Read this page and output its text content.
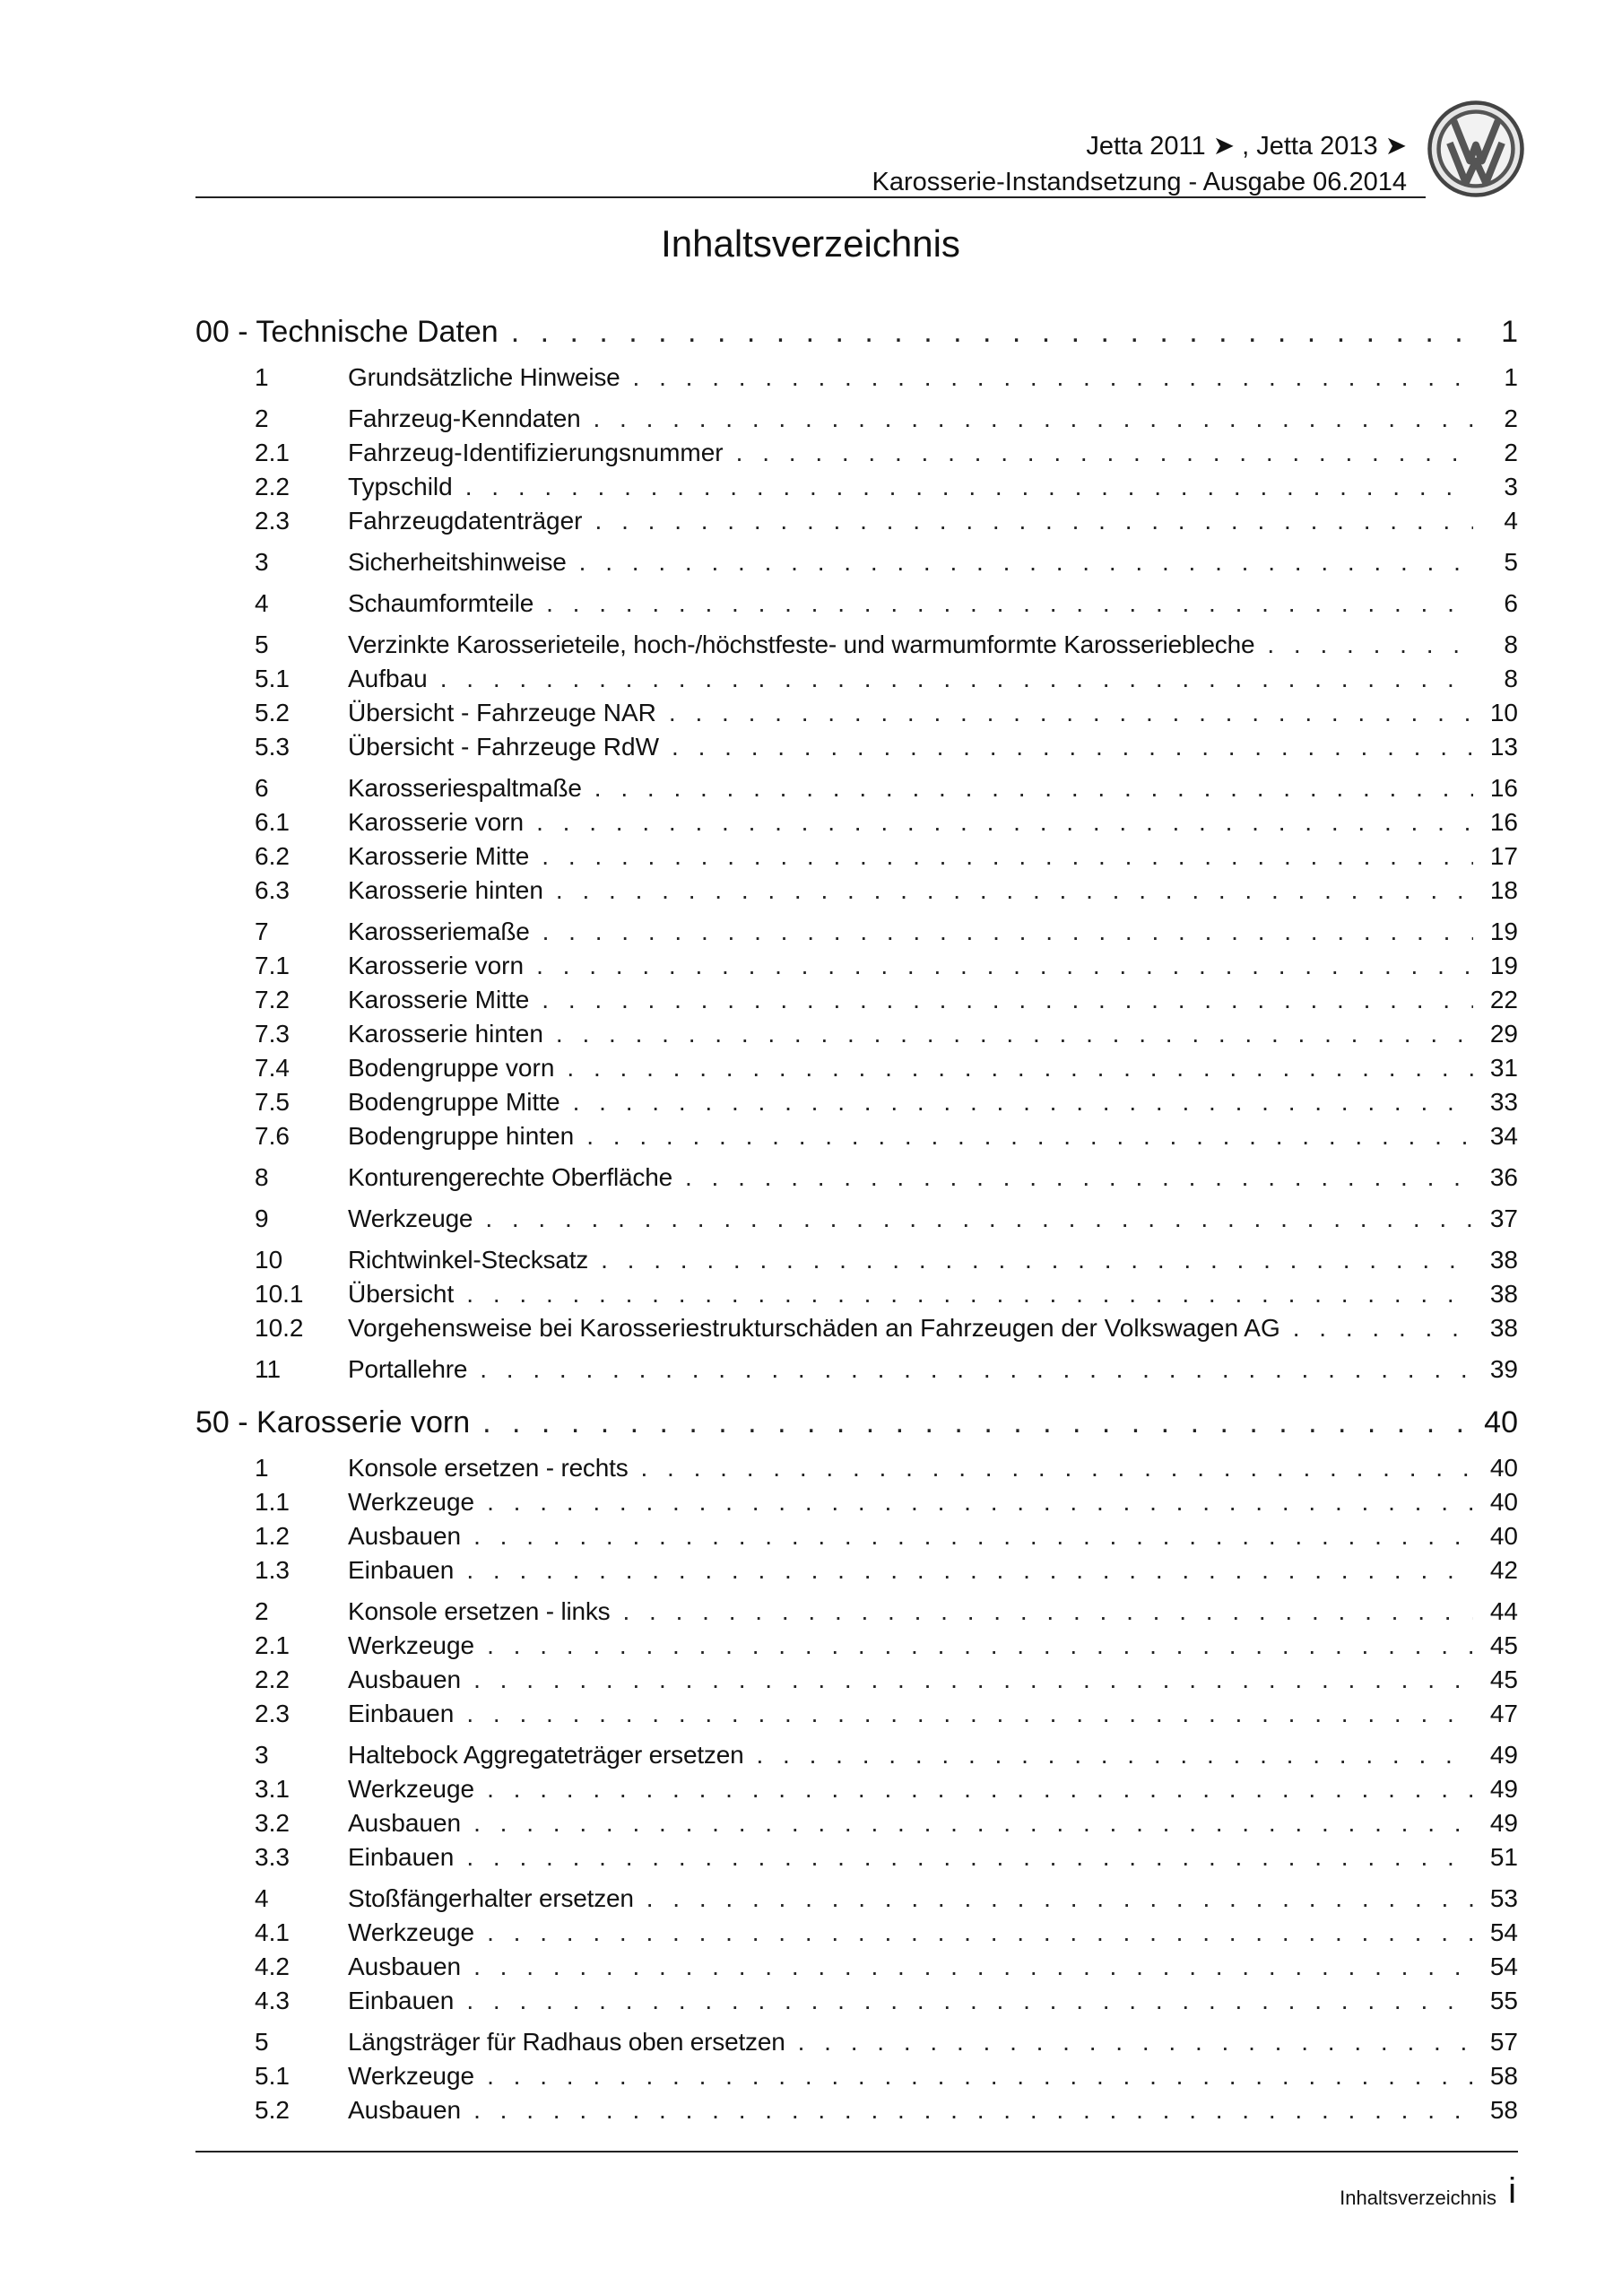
Jetta 2011 ➤ , Jetta 2013 ➤
Karosserie-Instandsetzung - Ausgabe 06.2014
Inhaltsverzeichnis
00 - Technische Daten . . .	1
1	Grundsätzliche Hinweise . . .	1
2	Fahrzeug-Kenndaten . . .	2
2.1	Fahrzeug-Identifizierungsnummer . . .	2
2.2	Typschild . . .	3
2.3	Fahrzeugdatenträger . . .	4
3	Sicherheitshinweise . . .	5
4	Schaumformteile . . .	6
5	Verzinkte Karosserieteile, hoch-/höchstfeste- und warmumformte Karosseriebleche . . .	8
5.1	Aufbau . . .	8
5.2	Übersicht - Fahrzeuge NAR . . .	10
5.3	Übersicht - Fahrzeuge RdW . . .	13
6	Karosseriespaltmaße . . .	16
6.1	Karosserie vorn . . .	16
6.2	Karosserie Mitte . . .	17
6.3	Karosserie hinten . . .	18
7	Karosseriemaße . . .	19
7.1	Karosserie vorn . . .	19
7.2	Karosserie Mitte . . .	22
7.3	Karosserie hinten . . .	29
7.4	Bodengruppe vorn . . .	31
7.5	Bodengruppe Mitte . . .	33
7.6	Bodengruppe hinten . . .	34
8	Konturengerechte Oberfläche . . .	36
9	Werkzeuge . . .	37
10	Richtwinkel-Stecksatz . . .	38
10.1	Übersicht . . .	38
10.2	Vorgehensweise bei Karosseriestrukturschäden an Fahrzeugen der Volkswagen AG . . .	38
11	Portallehre . . .	39
50 - Karosserie vorn . . .	40
1	Konsole ersetzen - rechts . . .	40
1.1	Werkzeuge . . .	40
1.2	Ausbauen . . .	40
1.3	Einbauen . . .	42
2	Konsole ersetzen - links . . .	44
2.1	Werkzeuge . . .	45
2.2	Ausbauen . . .	45
2.3	Einbauen . . .	47
3	Haltebock Aggregateträger ersetzen . . .	49
3.1	Werkzeuge . . .	49
3.2	Ausbauen . . .	49
3.3	Einbauen . . .	51
4	Stoßfängerhalter ersetzen . . .	53
4.1	Werkzeuge . . .	54
4.2	Ausbauen . . .	54
4.3	Einbauen . . .	55
5	Längsträger für Radhaus oben ersetzen . . .	57
5.1	Werkzeuge . . .	58
5.2	Ausbauen . . .	58
Inhaltsverzeichnis i
